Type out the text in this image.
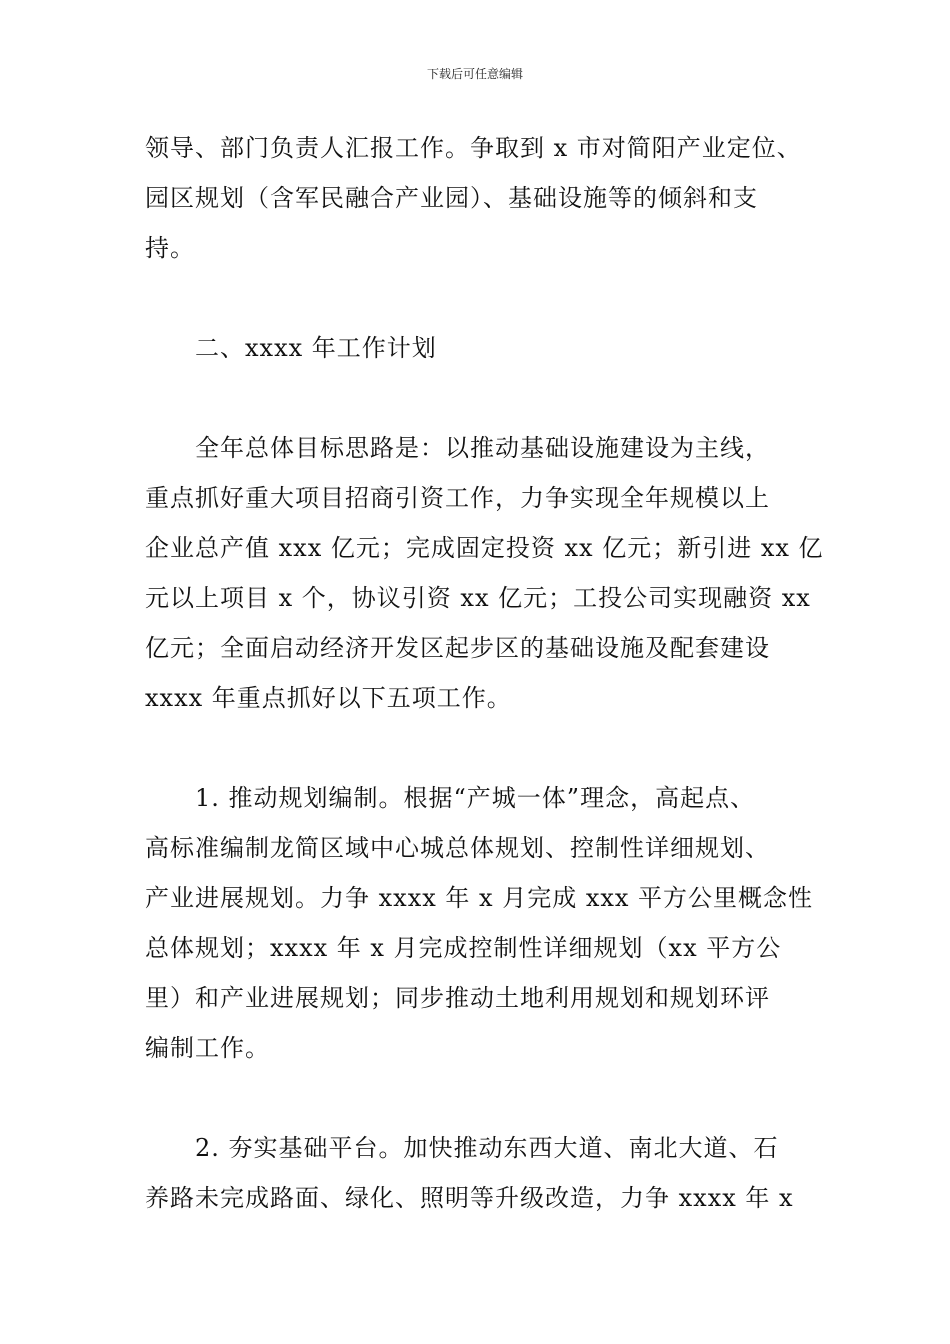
下载后可任意编辑
领导、部门负责人汇报工作。争取到 x 市对简阳产业定位、
园区规划（含军民融合产业园）、基础设施等的倾斜和支
持。
二、xxxx 年工作计划
全年总体目标思路是：以推动基础设施建设为主线，
重点抓好重大项目招商引资工作，力争实现全年规模以上
企业总产值 xxx 亿元；完成固定投资 xx 亿元；新引进 xx 亿
元以上项目 x 个，协议引资 xx 亿元；工投公司实现融资 xx
亿元；全面启动经济开发区起步区的基础设施及配套建设
xxxx 年重点抓好以下五项工作。
1. 推动规划编制。根据“产城一体”理念，高起点、
高标准编制龙简区域中心城总体规划、控制性详细规划、
产业进展规划。力争 xxxx 年 x 月完成 xxx 平方公里概念性
总体规划；xxxx 年 x 月完成控制性详细规划（xx 平方公
里）和产业进展规划；同步推动土地利用规划和规划环评
编制工作。
2. 夯实基础平台。加快推动东西大道、南北大道、石
养路未完成路面、绿化、照明等升级改造，力争 xxxx 年 x
